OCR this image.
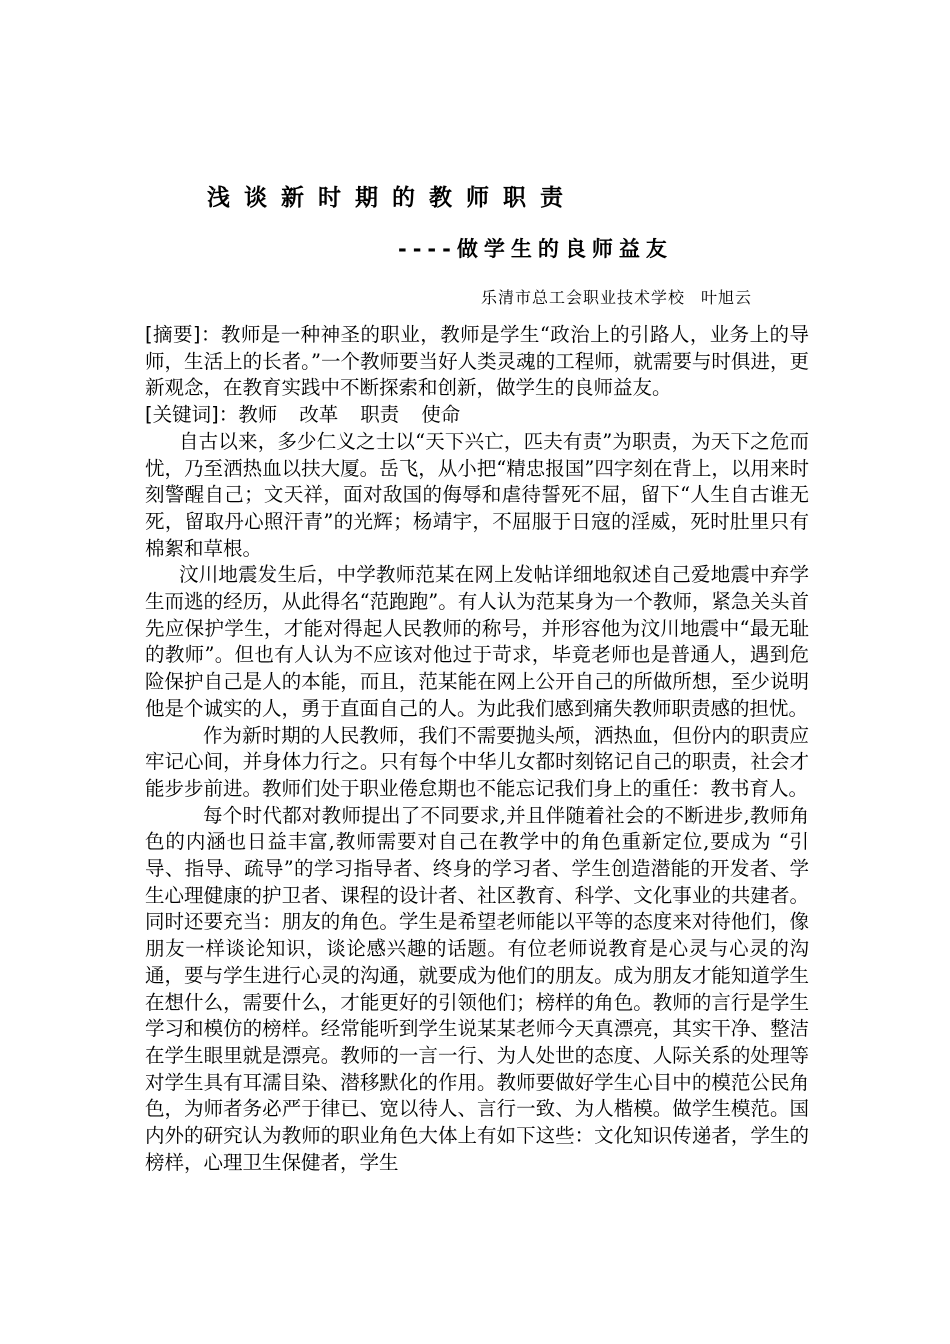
浅谈新时期的教师职责
----做学生的良师益友
乐清市总工会职业技术学校 叶旭云

[摘要]：教师是一种神圣的职业，教师是学生“政治上的引路人，业务上的导师，生活上的长者。”一个教师要当好人类灵魂的工程师，就需要与时俱进，更新观念，在教育实践中不断探索和创新，做学生的良师益友。

[关键词]：教师 改革 职责 使命

自古以来，多少仁义之士以“天下兴亡，匹夫有责”为职责，为天下之危而忧，乃至洒热血以扶大厦。岳飞，从小把“精忠报国”四字刻在背上，以用来时刻警醒自己；文天祥，面对敌国的侮辱和虐待誓死不屈，留下“人生自古谁无死，留取丹心照汗青”的光辉；杨靖宇，不屈服于日寇的淫威，死时肚里只有棉絮和草根。

汶川地震发生后，中学教师范某在网上发帖详细地叙述自己爱地震中弃学生而逃的经历，从此得名“范跑跑”。有人认为范某身为一个教师，紧急关头首先应保护学生，才能对得起人民教师的称号，并形容他为汶川地震中“最无耻的教师”。但也有人认为不应该对他过于苛求，毕竟老师也是普通人，遇到危险保护自己是人的本能，而且，范某能在网上公开自己的所做所想，至少说明他是个诚实的人，勇于直面自己的人。为此我们感到痛失教师职责感的担忧。

作为新时期的人民教师，我们不需要抛头颅，洒热血，但份内的职责应牢记心间，并身体力行之。只有每个中华儿女都时刻铭记自己的职责，社会才能步步前进。教师们处于职业倦怠期也不能忘记我们身上的重任：教书育人。

每个时代都对教师提出了不同要求,并且伴随着社会的不断进步,教师角色的内涵也日益丰富,教师需要对自己在教学中的角色重新定位,要成为 “引导、指导、疏导”的学习指导者、终身的学习者、学生创造潜能的开发者、学生心理健康的护卫者、课程的设计者、社区教育、科学、文化事业的共建者。同时还要充当：朋友的角色。学生是希望老师能以平等的态度来对待他们，像朋友一样谈论知识，谈论感兴趣的话题。有位老师说教育是心灵与心灵的沟通，要与学生进行心灵的沟通，就要成为他们的朋友。成为朋友才能知道学生在想什么，需要什么，才能更好的引领他们；榜样的角色。教师的言行是学生学习和模仿的榜样。经常能听到学生说某某老师今天真漂亮，其实干净、整洁在学生眼里就是漂亮。教师的一言一行、为人处世的态度、人际关系的处理等对学生具有耳濡目染、潜移默化的作用。教师要做好学生心目中的模范公民角色，为师者务必严于律已、宽以待人、言行一致、为人楷模。做学生模范。国内外的研究认为教师的职业角色大体上有如下这些：文化知识传递者，学生的榜样，心理卫生保健者，学生
